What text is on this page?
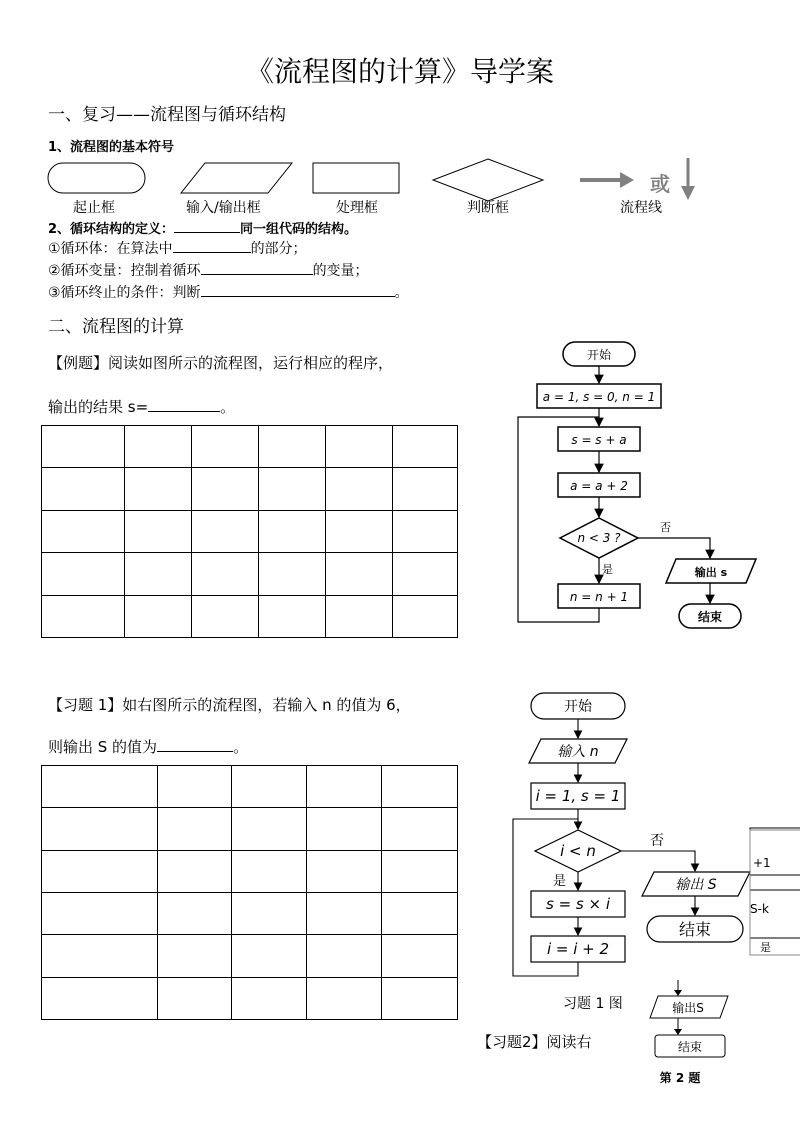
《流程图的计算》导学案
一、复习——流程图与循环结构
1、流程图的基本符号
起止框	输入/输出框	处理框	判断框
或
流程线
2、循环结构的定义：	同一组代码的结构。
①循环体：在算法中	的部分；
②循环变量：控制着循环	的变量；
③循环终止的条件：判断	。
二、流程图的计算
【例题】阅读如图所示的流程图，运行相应的程序，
输出的结果 s=	。

开始
a = 1, s = 0, n = 1
s = s + a
a = a + 2
n < 3 ?
否
是	输出 s
n = n + 1
结束
【习题 1】如右图所示的流程图，若输入 n 的值为 6，
则输出 S 的值为	。

开始
输入 n
i = 1, s = 1
i < n
否
是	输出 S
s = s × i
结束
i = i + 2
习题 1 图
+1
S-k
是
输出S
结束
第 2 题
【习题2】阅读右
